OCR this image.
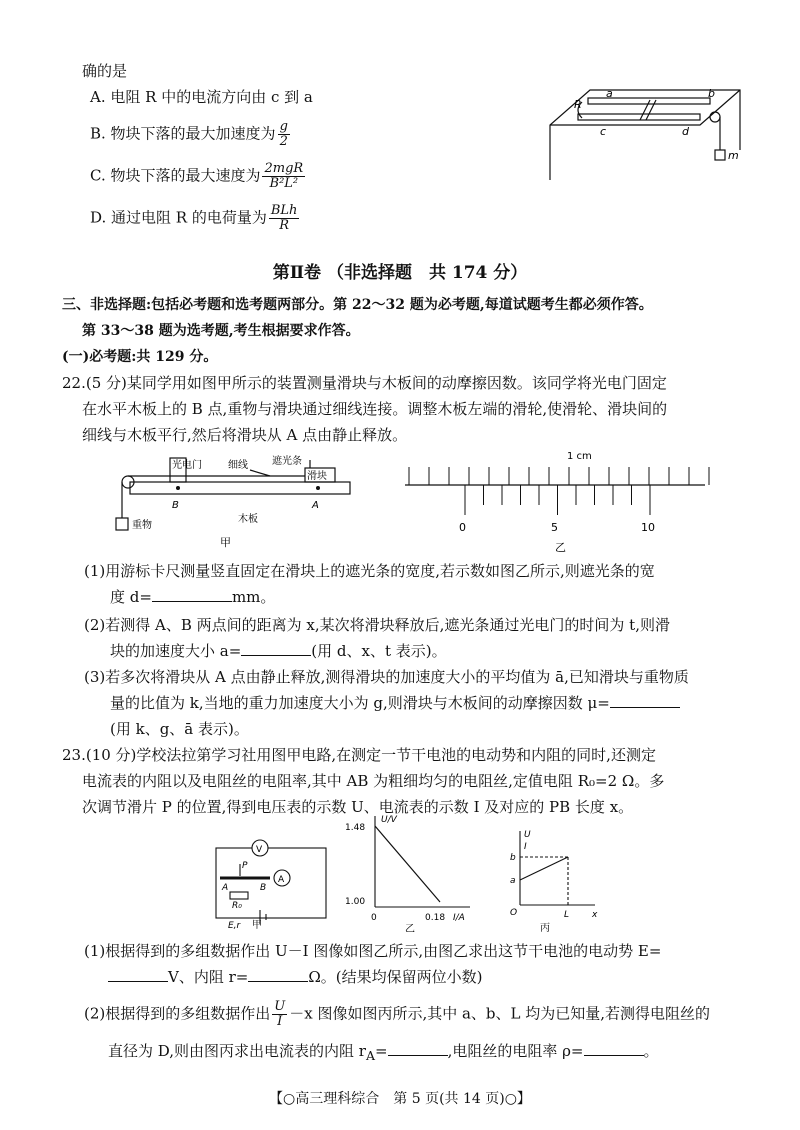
确的是
A. 电阻 R 中的电流方向由 c 到 a
B. 物块下落的最大加速度为 $\frac{g}{2}$
C. 物块下落的最大速度为 $\frac{\text{2mgR}}{\text{B²L²}}$
D. 通过电阻 R 的电荷量为 $\frac{\text{BLh}}{R}$
R
a	b
c	d
m
第Ⅱ卷 （非选择题　共 174 分）
三、非选择题:包括必考题和选考题两部分。第 22～32 题为必考题,每道试题考生都必须作答。
第 33～38 题为选考题,考生根据要求作答。
(一)必考题:共 129 分。
22.(5 分)某同学用如图甲所示的装置测量滑块与木板间的动摩擦因数。该同学将光电门固定
在水平木板上的 B 点,重物与滑块通过细线连接。调整木板左端的滑轮,使滑轮、滑块间的
细线与木板平行,然后将滑块从 A 点由静止释放。
光电门	细线 遮光条
滑块
B	A
重物
木板
甲
1 cm
0	5	10
乙
(1)用游标卡尺测量竖直固定在滑块上的遮光条的宽度,若示数如图乙所示,则遮光条的宽
度 d=	mm。
(2)若测得 A、B 两点间的距离为 x,某次将滑块释放后,遮光条通过光电门的时间为 t,则滑
块的加速度大小 a=	(用 d、x、t 表示)。
(3)若多次将滑块从 A 点由静止释放,测得滑块的加速度大小的平均值为 ā,已知滑块与重物质
量的比值为 k,当地的重力加速度大小为 g,则滑块与木板间的动摩擦因数 μ=
(用 k、g、ā 表示)。
23.(10 分)学校法拉第学习社用图甲电路,在测定一节干电池的电动势和内阻的同时,还测定
电流表的内阻以及电阻丝的电阻率,其中 AB 为粗细均匀的电阻丝,定值电阻 R₀=2 Ω。多
次调节滑片 P 的位置,得到电压表的示数 U、电流表的示数 I 及对应的 PB 长度 x。
V
A
P
A	B
R₀
E,r 甲
U/V
1.48
1.00
0	0.18 I/A
乙
U
I
b
a
O	L	x
丙
(1)根据得到的多组数据作出 U－I 图像如图乙所示,由图乙求出这节干电池的电动势 E=
V、内阻 r=	Ω。(结果均保留两位小数)
(2)根据得到的多组数据作出 $\frac{U}{I} -x$ 图像如图丙所示,其中 a、b、L 均为已知量,若测得电阻丝的
直径为 D,则由图丙求出电流表的内阻 $r_A=$	,电阻丝的电阻率 ρ=	。
【○高三理科综合　第 5 页(共 14 页)○】
